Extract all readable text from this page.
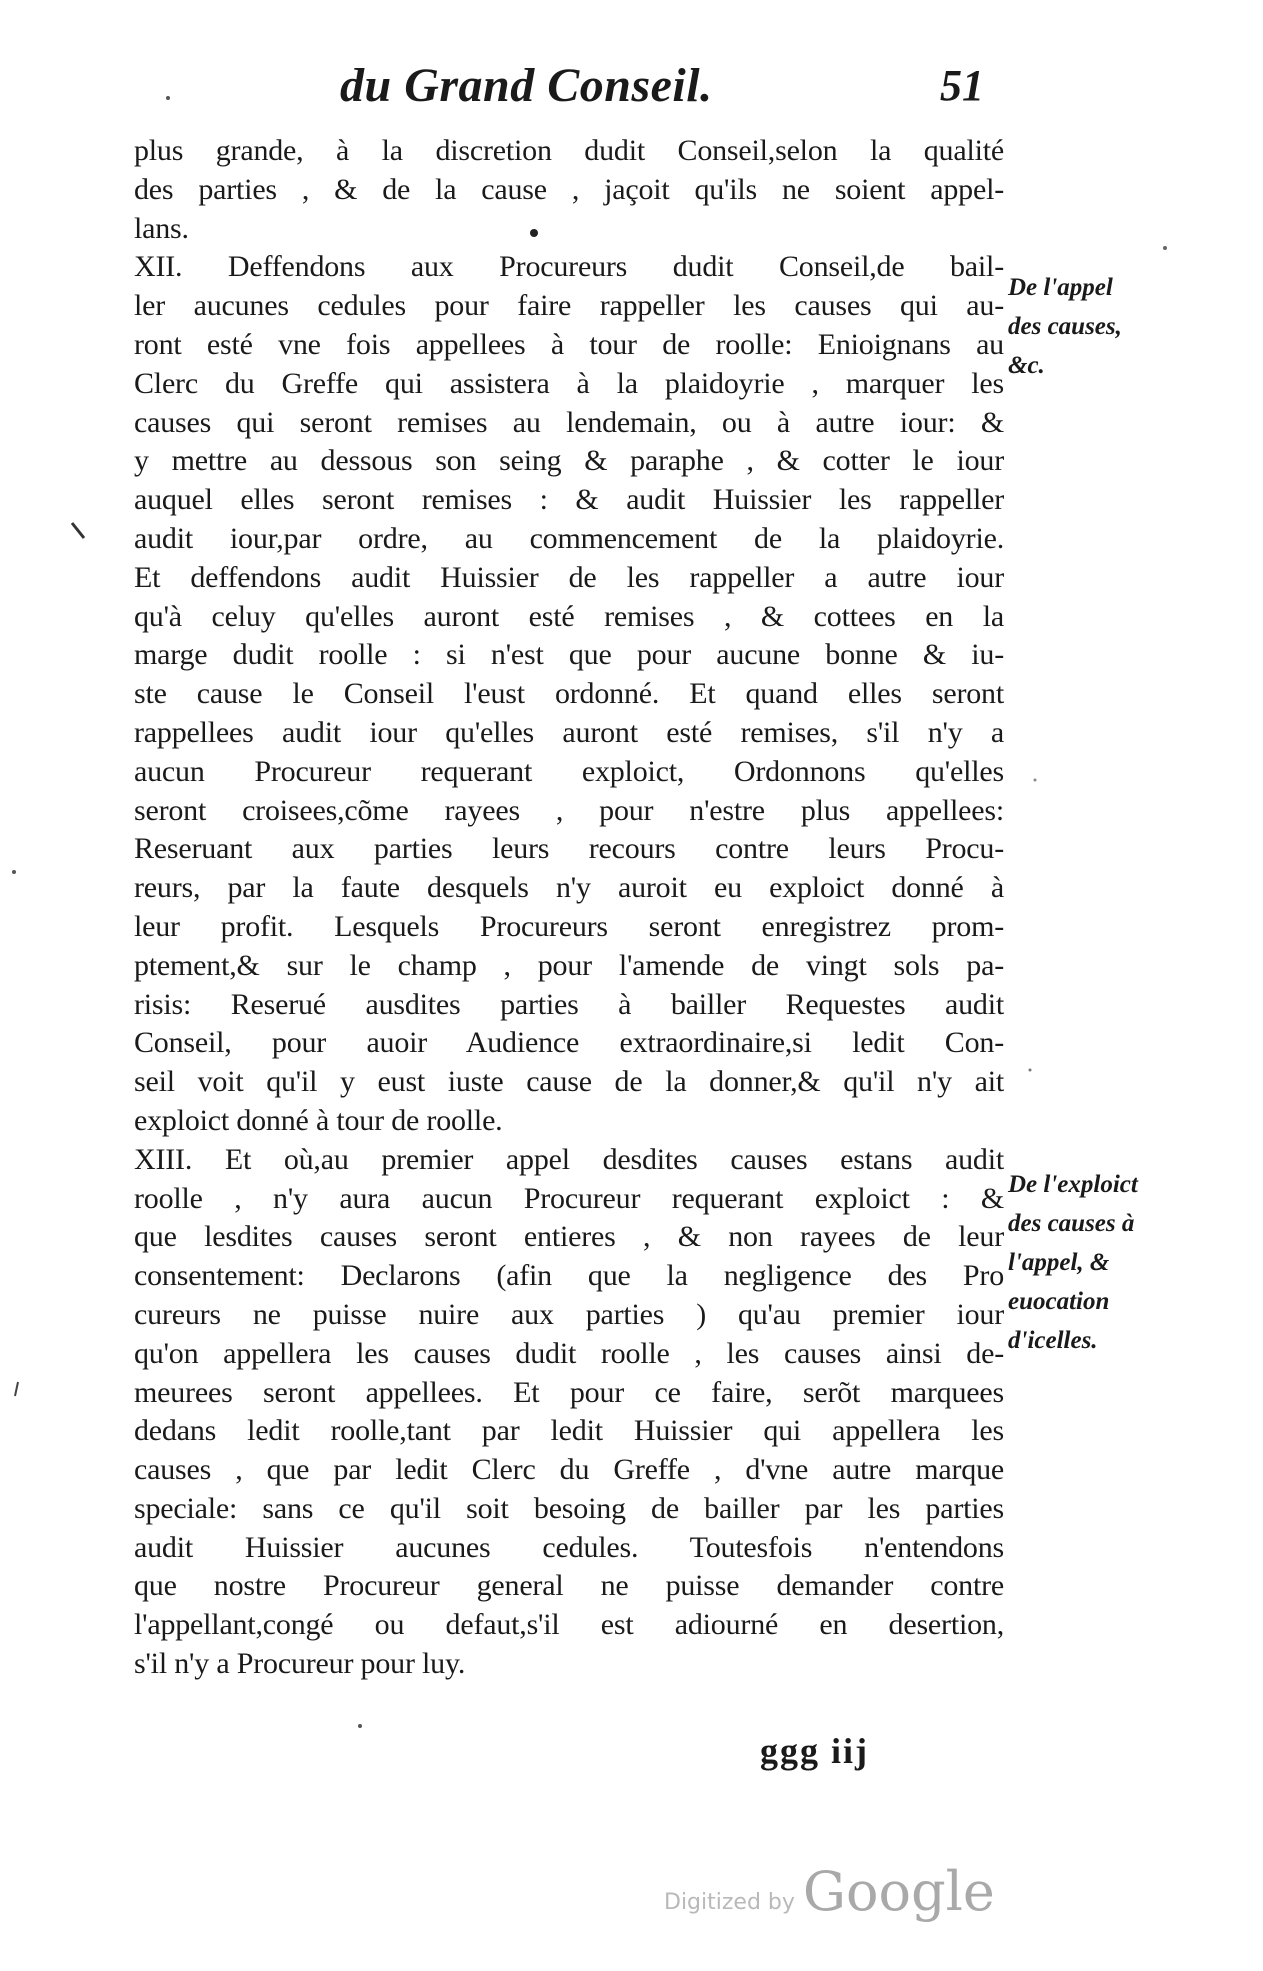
du Grand Conseil.	51
plus grande, à la discretion dudit Conseil,selon la qualité
des parties , & de la cause , jaçoit qu'ils ne soient appel-
lans.
XII. Deffendons aux Procureurs dudit Conseil,de bail-
ler aucunes cedules pour faire rappeller les causes qui au-
ront esté vne fois appellees à tour de roolle: Enioignans au
Clerc du Greffe qui assistera à la plaidoyrie , marquer les
causes qui seront remises au lendemain, ou à autre iour: &
y mettre au dessous son seing & paraphe , & cotter le iour
auquel elles seront remises : & audit Huissier les rappeller
audit iour,par ordre, au commencement de la plaidoyrie.
Et deffendons audit Huissier de les rappeller a autre iour
qu'à celuy qu'elles auront esté remises , & cottees en la
marge dudit roolle : si n'est que pour aucune bonne & iu-
ste cause le Conseil l'eust ordonné. Et quand elles seront
rappellees audit iour qu'elles auront esté remises, s'il n'y a
aucun Procureur requerant exploict, Ordonnons qu'elles
seront croisees,cõme rayees , pour n'estre plus appellees:
Reseruant aux parties leurs recours contre leurs Procu-
reurs, par la faute desquels n'y auroit eu exploict donné à
leur profit. Lesquels Procureurs seront enregistrez prom-
ptement,& sur le champ , pour l'amende de vingt sols pa-
risis: Reserué ausdites parties à bailler Requestes audit
Conseil, pour auoir Audience extraordinaire,si ledit Con-
seil voit qu'il y eust iuste cause de la donner,& qu'il n'y ait
exploict donné à tour de roolle.
XIII. Et où,au premier appel desdites causes estans audit
roolle , n'y aura aucun Procureur requerant exploict : &
que lesdites causes seront entieres , & non rayees de leur
consentement: Declarons (afin que la negligence des Pro
cureurs ne puisse nuire aux parties ) qu'au premier iour
qu'on appellera les causes dudit roolle , les causes ainsi de-
meurees seront appellees. Et pour ce faire, serõt marquees
dedans ledit roolle,tant par ledit Huissier qui appellera les
causes , que par ledit Clerc du Greffe , d'vne autre marque
speciale: sans ce qu'il soit besoing de bailler par les parties
audit Huissier aucunes cedules. Toutesfois n'entendons
que nostre Procureur general ne puisse demander contre
l'appellant,congé ou defaut,s'il est adiourné en desertion,
s'il n'y a Procureur pour luy.
De l'appel
des causes,
&c.
De l'exploict
des causes à
l'appel, &
euocation
d'icelles.
ggg iij
Digitized by Google
